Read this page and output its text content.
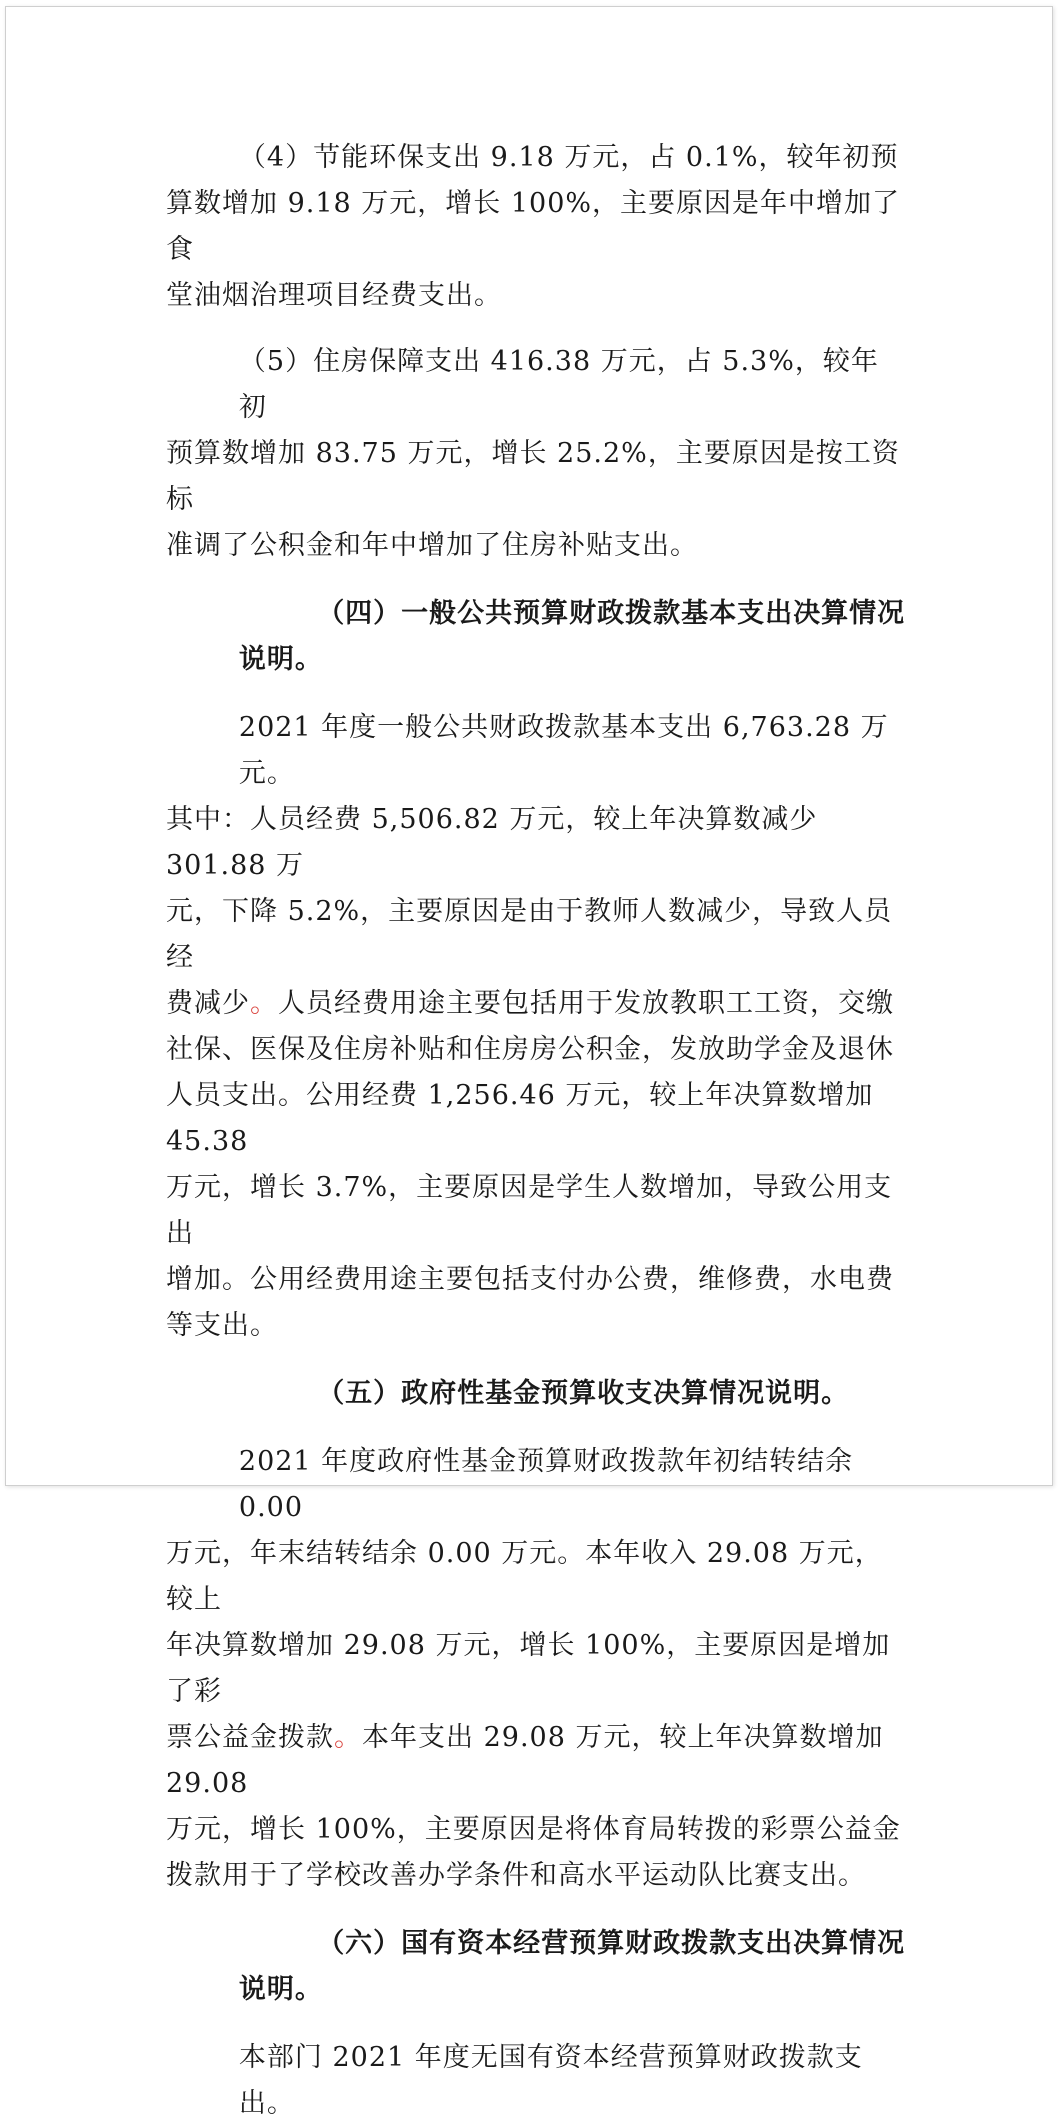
（4）节能环保支出 9.18 万元，占 0.1%，较年初预
算数增加 9.18 万元，增长 100%，主要原因是年中增加了食
堂油烟治理项目经费支出。
（5）住房保障支出 416.38 万元，占 5.3%，较年初
预算数增加 83.75 万元，增长 25.2%，主要原因是按工资标
准调了公积金和年中增加了住房补贴支出。
（四）一般公共预算财政拨款基本支出决算情况说明。
2021 年度一般公共财政拨款基本支出 6,763.28 万元。
其中：人员经费 5,506.82 万元，较上年决算数减少 301.88 万
元，下降 5.2%，主要原因是由于教师人数减少，导致人员经
费减少。人员经费用途主要包括用于发放教职工工资，交缴
社保、医保及住房补贴和住房房公积金，发放助学金及退休
人员支出。公用经费 1,256.46 万元，较上年决算数增加 45.38
万元，增长 3.7%，主要原因是学生人数增加，导致公用支出
增加。公用经费用途主要包括支付办公费，维修费，水电费
等支出。
（五）政府性基金预算收支决算情况说明。
2021 年度政府性基金预算财政拨款年初结转结余 0.00
万元，年末结转结余 0.00 万元。本年收入 29.08 万元，较上
年决算数增加 29.08 万元，增长 100%，主要原因是增加了彩
票公益金拨款。本年支出 29.08 万元，较上年决算数增加 29.08
万元，增长 100%，主要原因是将体育局转拨的彩票公益金
拨款用于了学校改善办学条件和高水平运动队比赛支出。
（六）国有资本经营预算财政拨款支出决算情况说明。
本部门 2021 年度无国有资本经营预算财政拨款支出。
